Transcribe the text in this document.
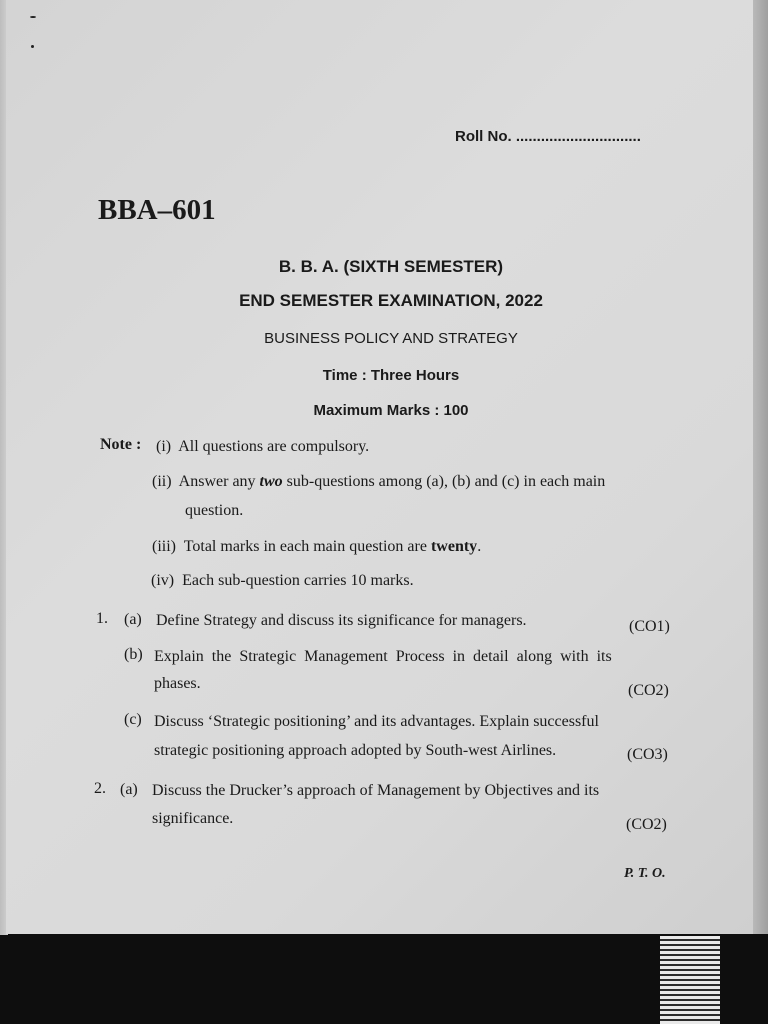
Roll No. ..............................
BBA–601
B. B. A. (SIXTH SEMESTER)
END SEMESTER EXAMINATION, 2022
BUSINESS POLICY AND STRATEGY
Time : Three Hours
Maximum Marks : 100
Note : (i) All questions are compulsory.
(ii) Answer any two sub-questions among (a), (b) and (c) in each main
question.
(iii) Total marks in each main question are twenty.
(iv) Each sub-question carries 10 marks.
1. (a) Define Strategy and discuss its significance for managers.	(CO1)
(b) Explain the Strategic Management Process in detail along with its
phases.	(CO2)
(c) Discuss ‘Strategic positioning’ and its advantages. Explain successful
strategic positioning approach adopted by South-west Airlines.	(CO3)
2. (a) Discuss the Drucker’s approach of Management by Objectives and its
significance.	(CO2)
P. T. O.
